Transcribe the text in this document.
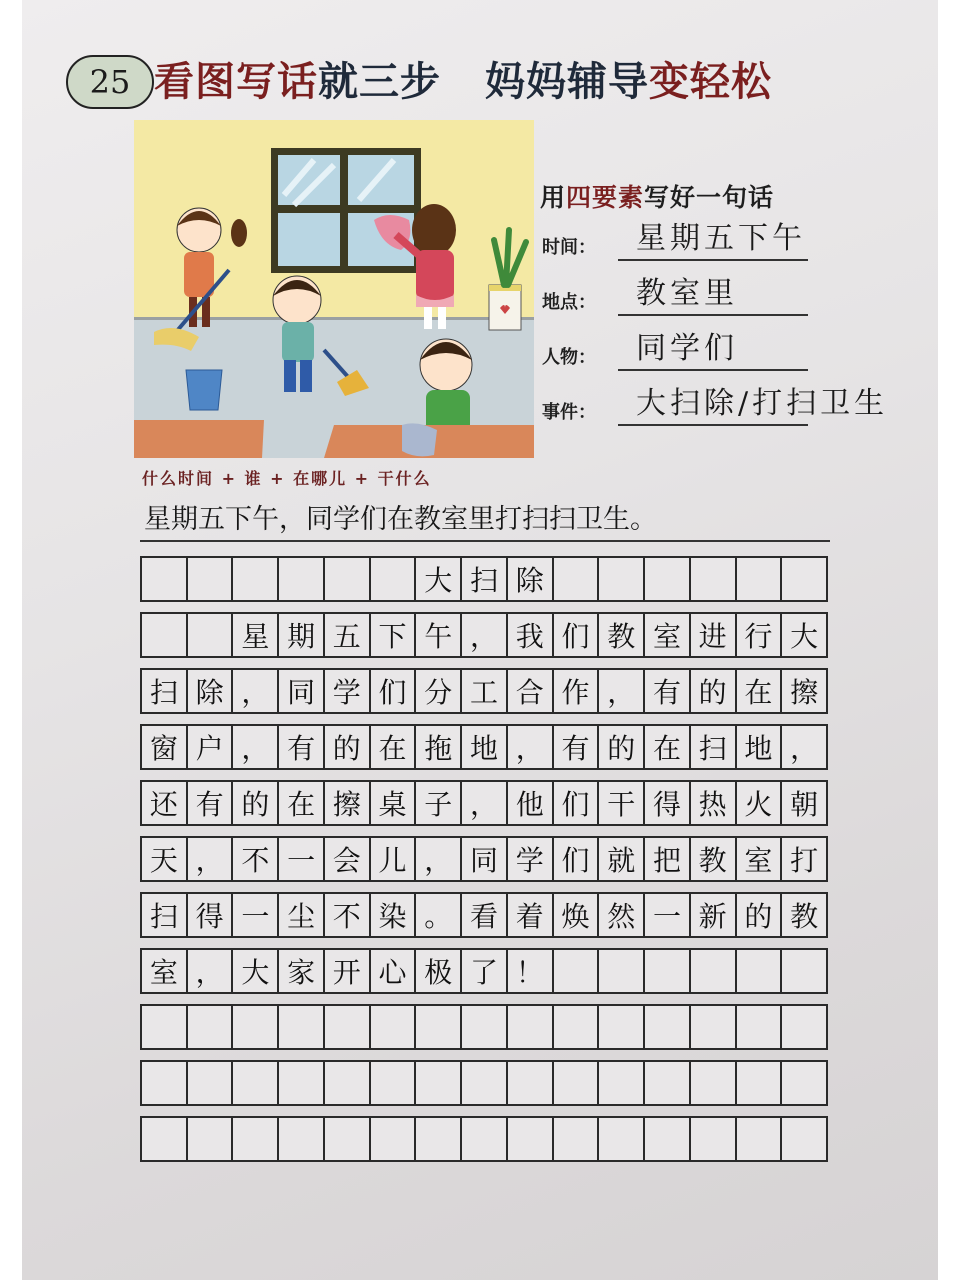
25 看图写话 就三步 妈妈辅导 变轻松
用四要素写好一句话
时间： 星期五下午
地点： 教室里
人物： 同学们
事件： 大扫除/打扫卫生
什么时间 + 谁 + 在哪儿 + 干什么
星期五下午，同学们在教室里打扫扫卫生。
大 扫 除
星 期 五 下 午 ， 我 们 教 室 进 行 大
扫 除 ， 同 学 们 分 工 合 作 ， 有 的 在 擦
窗 户 ， 有 的 在 拖 地 ， 有 的 在 扫 地 ，
还 有 的 在 擦 桌 子 ， 他 们 干 得 热 火 朝
天 ， 不 一 会 儿 ， 同 学 们 就 把 教 室 打
扫 得 一 尘 不 染 。 看 着 焕 然 一 新 的 教
室 ， 大 家 开 心 极 了 ！
